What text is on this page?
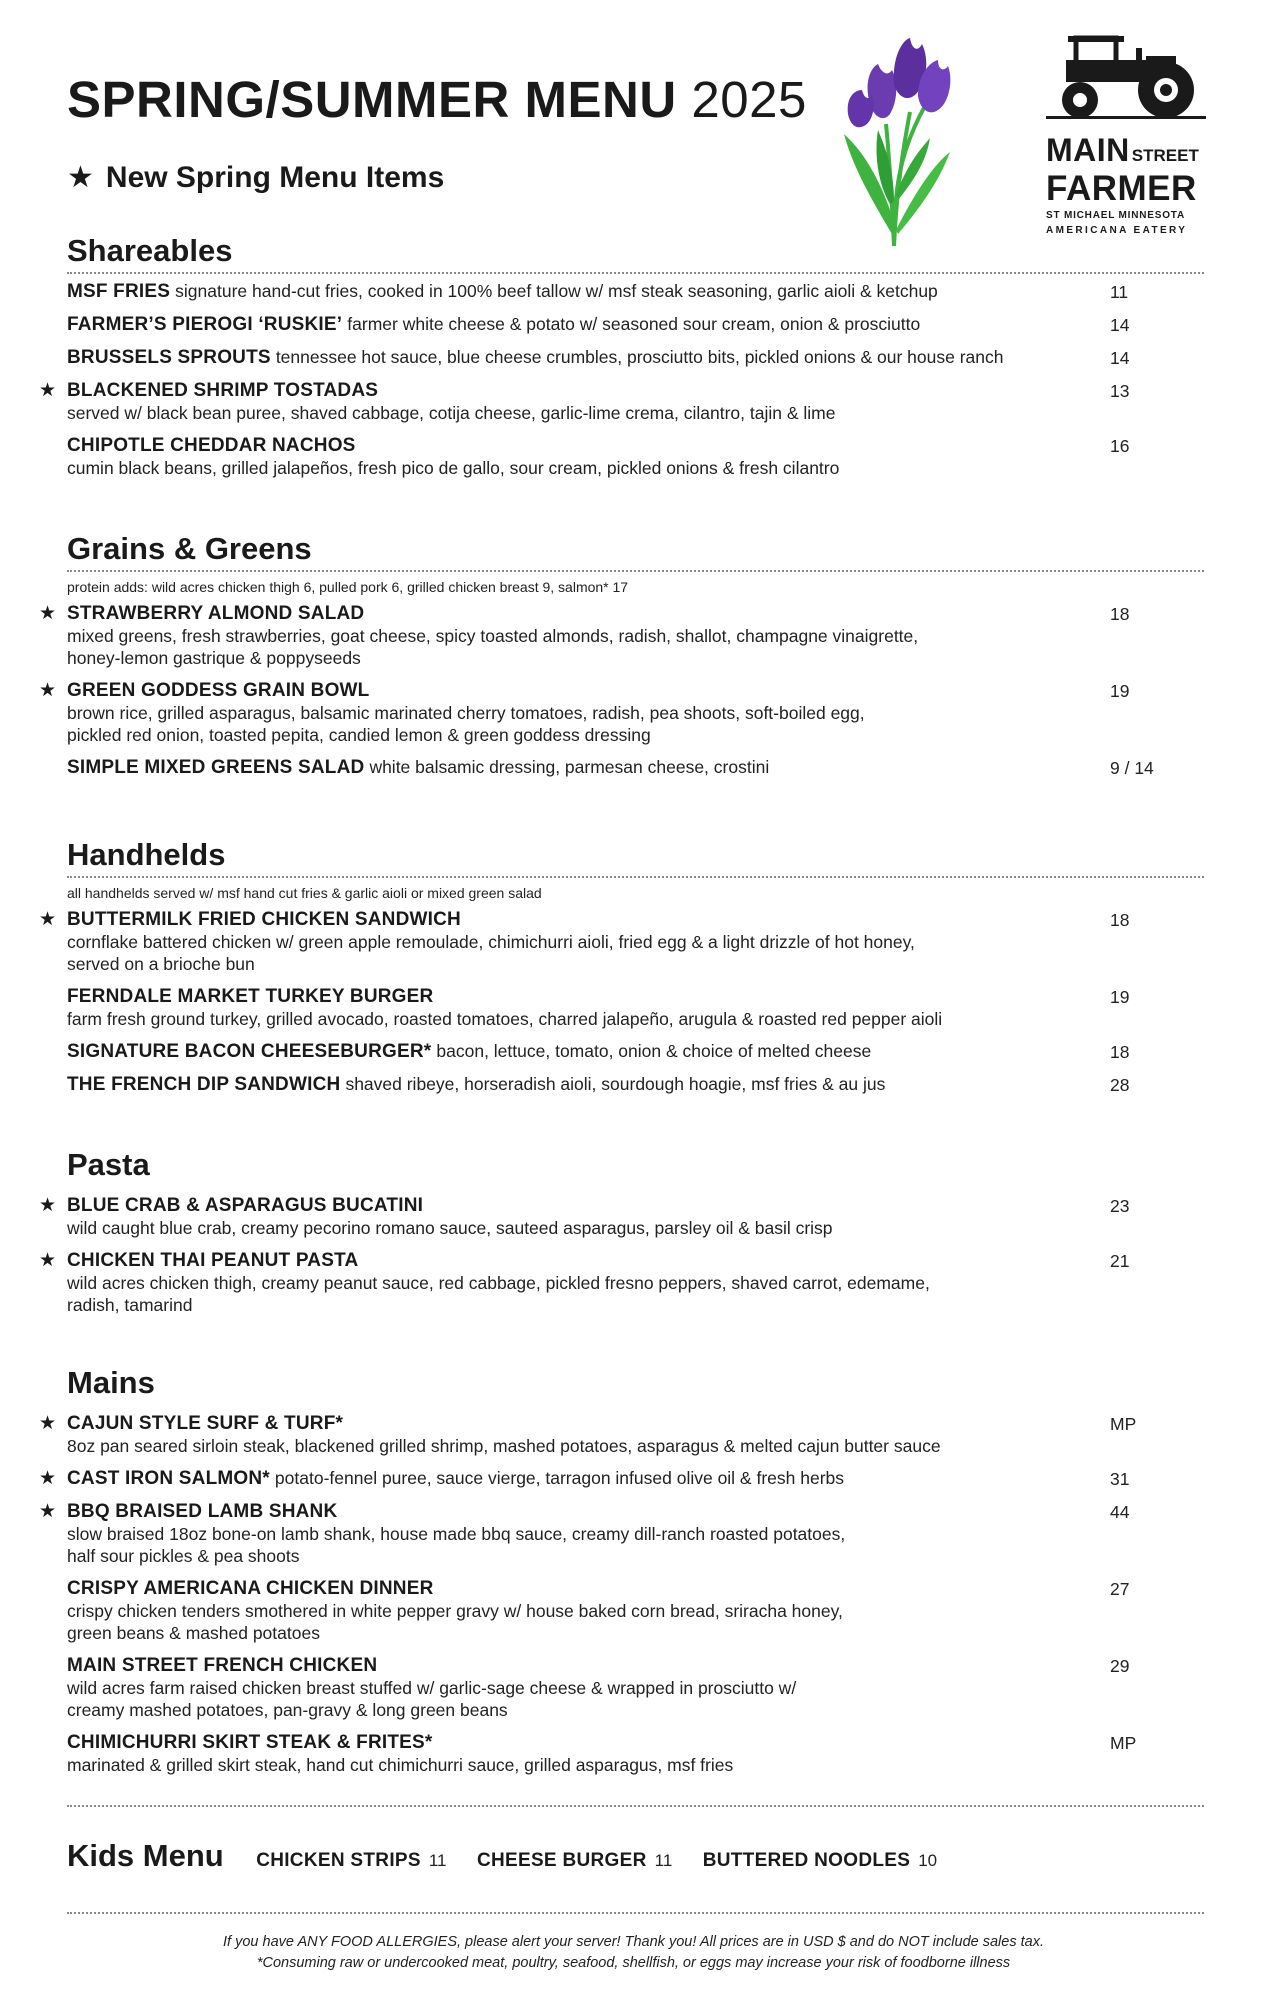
SPRING/SUMMER MENU 2025
★ New Spring Menu Items
MAIN STREET
FARMER
ST MICHAEL MINNESOTA
AMERICANA EATERY
Shareables
MSF FRIES signature hand-cut fries, cooked in 100% beef tallow w/ msf steak seasoning, garlic aioli & ketchup	11
FARMER’S PIEROGI ‘RUSKIE’ farmer white cheese & potato w/ seasoned sour cream, onion & prosciutto	14
BRUSSELS SPROUTS tennessee hot sauce, blue cheese crumbles, prosciutto bits, pickled onions & our house ranch	14
★ BLACKENED SHRIMP TOSTADAS
served w/ black bean puree, shaved cabbage, cotija cheese, garlic-lime crema, cilantro, tajin & lime
13
CHIPOTLE CHEDDAR NACHOS
cumin black beans, grilled jalapeños, fresh pico de gallo, sour cream, pickled onions & fresh cilantro
16
Grains & Greens
protein adds: wild acres chicken thigh 6, pulled pork 6, grilled chicken breast 9, salmon* 17
★ STRAWBERRY ALMOND SALAD
mixed greens, fresh strawberries, goat cheese, spicy toasted almonds, radish, shallot, champagne vinaigrette,
honey-lemon gastrique & poppyseeds
18
★ GREEN GODDESS GRAIN BOWL
brown rice, grilled asparagus, balsamic marinated cherry tomatoes, radish, pea shoots, soft-boiled egg,
pickled red onion, toasted pepita, candied lemon & green goddess dressing
19
SIMPLE MIXED GREENS SALAD white balsamic dressing, parmesan cheese, crostini	9 / 14
Handhelds
all handhelds served w/ msf hand cut fries & garlic aioli or mixed green salad
★ BUTTERMILK FRIED CHICKEN SANDWICH
cornflake battered chicken w/ green apple remoulade, chimichurri aioli, fried egg & a light drizzle of hot honey,
served on a brioche bun
18
FERNDALE MARKET TURKEY BURGER
farm fresh ground turkey, grilled avocado, roasted tomatoes, charred jalapeño, arugula & roasted red pepper aioli
19
SIGNATURE BACON CHEESEBURGER* bacon, lettuce, tomato, onion & choice of melted cheese	18
THE FRENCH DIP SANDWICH shaved ribeye, horseradish aioli, sourdough hoagie, msf fries & au jus	28
Pasta
★ BLUE CRAB & ASPARAGUS BUCATINI
wild caught blue crab, creamy pecorino romano sauce, sauteed asparagus, parsley oil & basil crisp
23
★ CHICKEN THAI PEANUT PASTA
wild acres chicken thigh, creamy peanut sauce, red cabbage, pickled fresno peppers, shaved carrot, edemame,
radish, tamarind
21
Mains
★ CAJUN STYLE SURF & TURF*
8oz pan seared sirloin steak, blackened grilled shrimp, mashed potatoes, asparagus & melted cajun butter sauce
MP
★ CAST IRON SALMON* potato-fennel puree, sauce vierge, tarragon infused olive oil & fresh herbs	31
★ BBQ BRAISED LAMB SHANK
slow braised 18oz bone-on lamb shank, house made bbq sauce, creamy dill-ranch roasted potatoes,
half sour pickles & pea shoots
44
CRISPY AMERICANA CHICKEN DINNER
crispy chicken tenders smothered in white pepper gravy w/ house baked corn bread, sriracha honey,
green beans & mashed potatoes
27
MAIN STREET FRENCH CHICKEN
wild acres farm raised chicken breast stuffed w/ garlic-sage cheese & wrapped in prosciutto w/
creamy mashed potatoes, pan-gravy & long green beans
29
CHIMICHURRI SKIRT STEAK & FRITES*
marinated & grilled skirt steak, hand cut chimichurri sauce, grilled asparagus, msf fries
MP
Kids Menu CHICKEN STRIPS 11 CHEESE BURGER 11 BUTTERED NOODLES 10
If you have ANY FOOD ALLERGIES, please alert your server! Thank you! All prices are in USD $ and do NOT include sales tax.
*Consuming raw or undercooked meat, poultry, seafood, shellfish, or eggs may increase your risk of foodborne illness
